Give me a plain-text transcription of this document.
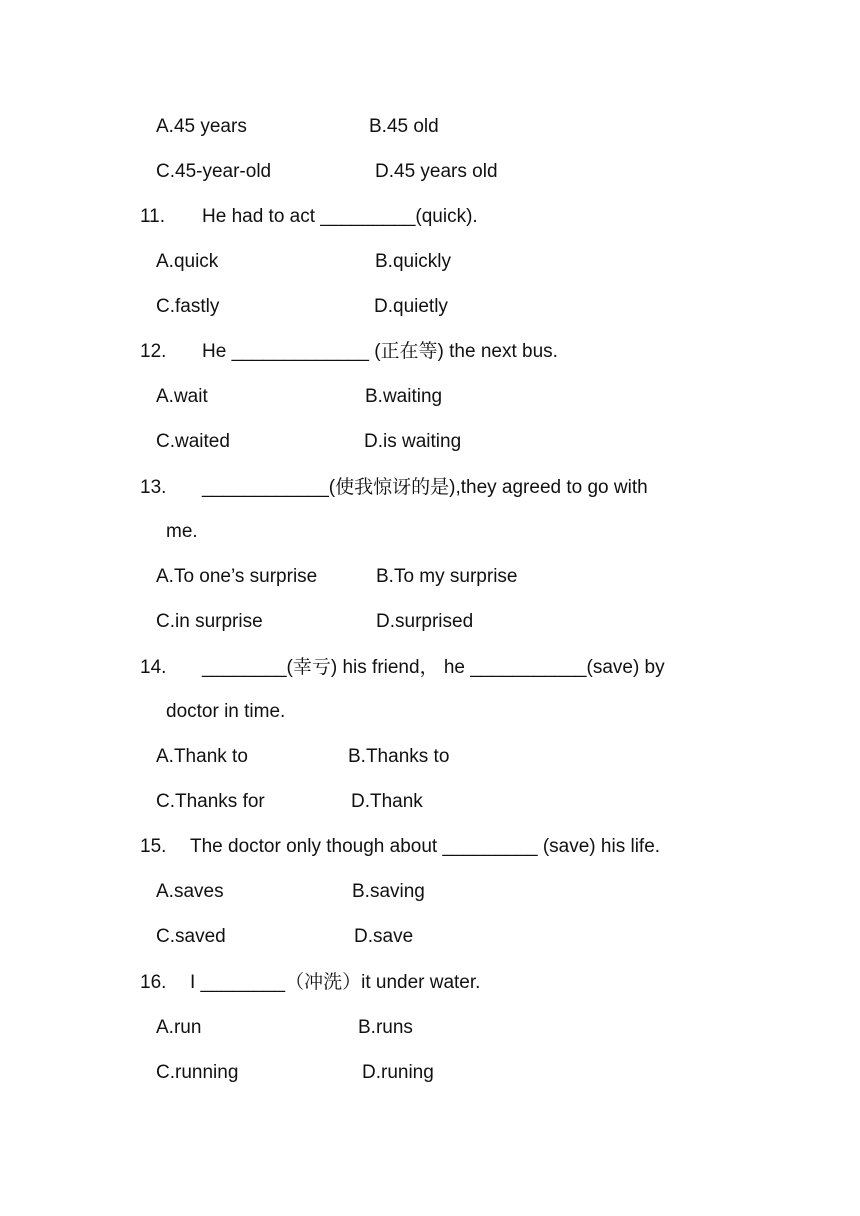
A.45 years	B.45 old
C.45-year-old	D.45 years old
11. He had to act _________(quick).
A.quick	B.quickly
C.fastly	D.quietly
12. He _____________ (正在等) the next bus.
A.wait	B.waiting
C.waited	D.is waiting
13. ____________(使我惊讶的是),they agreed to go with
me.
A.To one’s surprise	B.To my surprise
C.in surprise	D.surprised
14. ________(幸亏) his friend， he ___________(save) by
doctor in time.
A.Thank to	B.Thanks to
C.Thanks for	D.Thank
15. The doctor only though about _________ (save) his life.
A.saves	B.saving
C.saved	D.save
16. I ________（冲洗）it under water.
A.run	B.runs
C.running	D.runing
